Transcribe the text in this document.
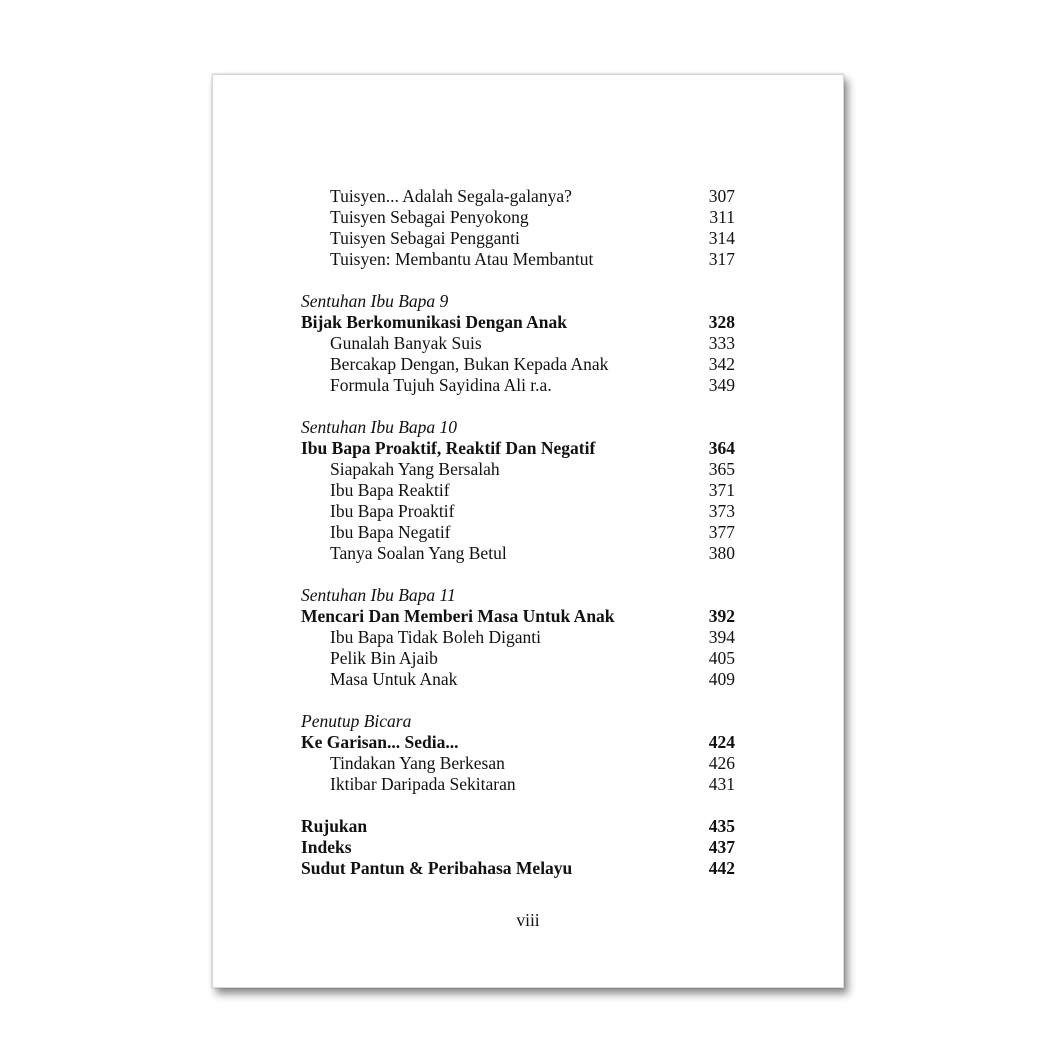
Tuisyen... Adalah Segala-galanya?	307
Tuisyen Sebagai Penyokong	311
Tuisyen Sebagai Pengganti	314
Tuisyen: Membantu Atau Membantut	317
Sentuhan Ibu Bapa 9
Bijak Berkomunikasi Dengan Anak	328
Gunalah Banyak Suis	333
Bercakap Dengan, Bukan Kepada Anak	342
Formula Tujuh Sayidina Ali r.a.	349
Sentuhan Ibu Bapa 10
Ibu Bapa Proaktif, Reaktif Dan Negatif	364
Siapakah Yang Bersalah	365
Ibu Bapa Reaktif	371
Ibu Bapa Proaktif	373
Ibu Bapa Negatif	377
Tanya Soalan Yang Betul	380
Sentuhan Ibu Bapa 11
Mencari Dan Memberi Masa Untuk Anak	392
Ibu Bapa Tidak Boleh Diganti	394
Pelik Bin Ajaib	405
Masa Untuk Anak	409
Penutup Bicara
Ke Garisan... Sedia...	424
Tindakan Yang Berkesan	426
Iktibar Daripada Sekitaran	431
Rujukan	435
Indeks	437
Sudut Pantun & Peribahasa Melayu	442
viii
